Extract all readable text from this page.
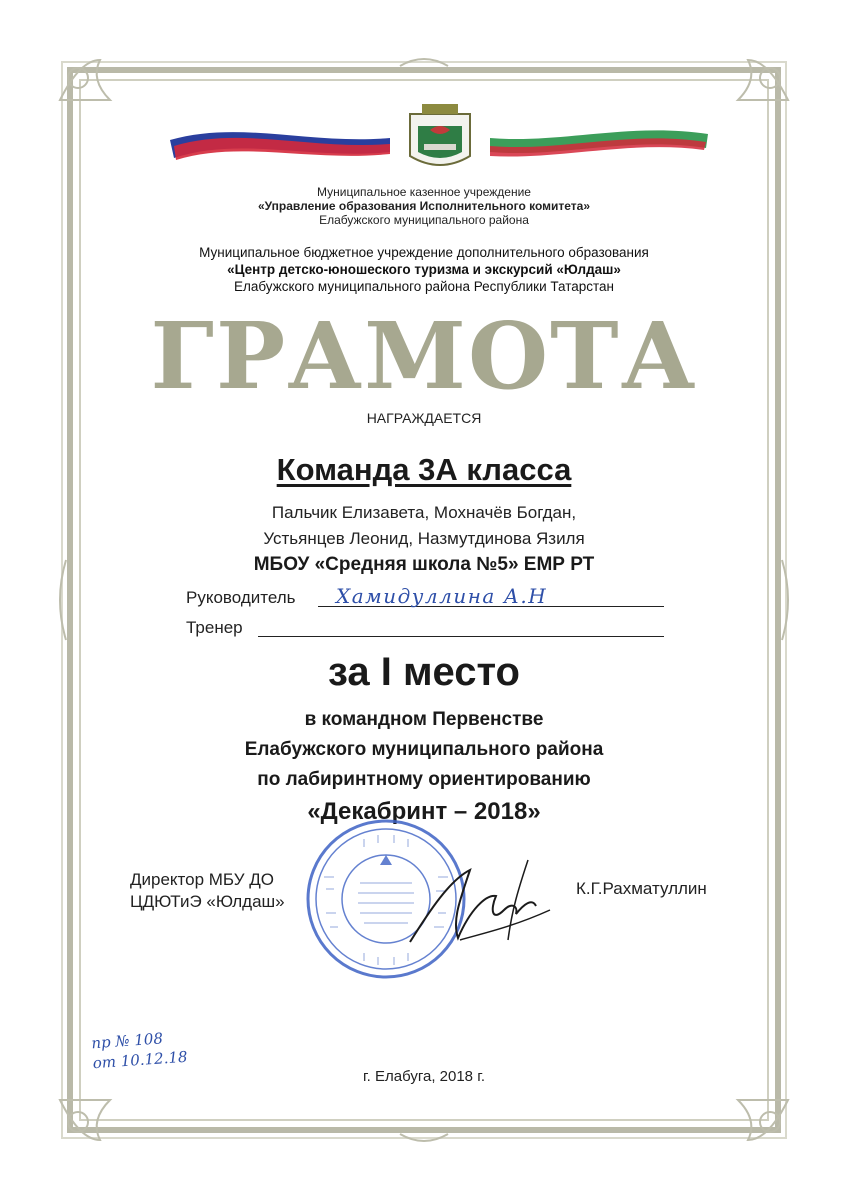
Муниципальное казенное учреждение
«Управление образования Исполнительного комитета»
Елабужского муниципального района
Муниципальное бюджетное учреждение дополнительного образования
«Центр детско-юношеского туризма и экскурсий «Юлдаш»
Елабужского муниципального района Республики Татарстан
ГРАМОТА
НАГРАЖДАЕТСЯ
Команда 3А класса
Пальчик Елизавета, Мохначёв Богдан,
Устьянцев Леонид, Назмутдинова Язиля
МБОУ «Средняя школа №5» ЕМР РТ
Руководитель Хамидуллина А.Н
Тренер
за I место
в командном Первенстве
Елабужского муниципального района
по лабиринтному ориентированию
«Декабринт – 2018»
Директор МБУ ДО
ЦДЮТиЭ «Юлдаш»
К.Г.Рахматуллин
пр № 108
от 10.12.18
г. Елабуга, 2018 г.
